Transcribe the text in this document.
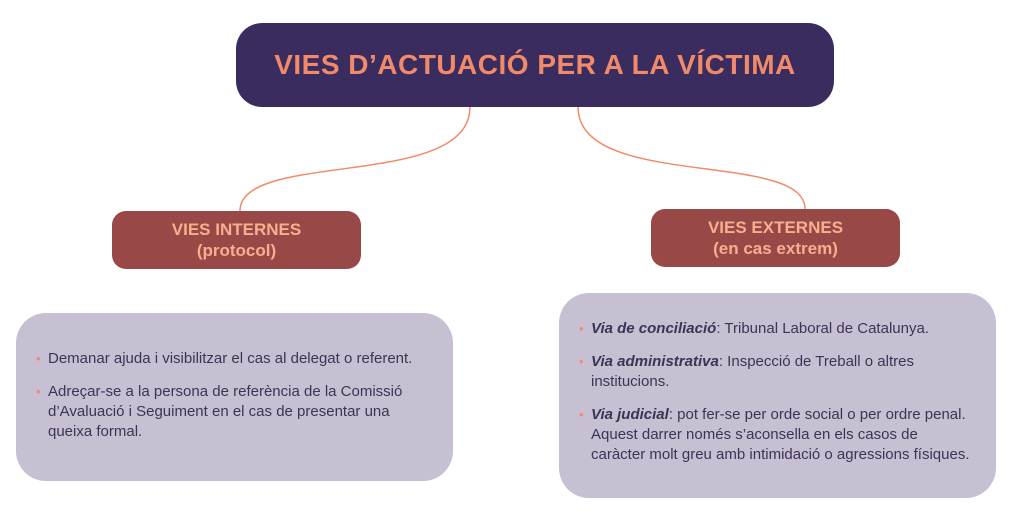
VIES D’ACTUACIÓ PER A LA VÍCTIMA
VIES INTERNES
(protocol)
VIES EXTERNES
(en cas extrem)
• Demanar ajuda i visibilitzar el cas al delegat o referent.
• Adreçar-se a la persona de referència de la Comissió d’Avaluació i Seguiment en el cas de presentar una queixa formal.
• Via de conciliació: Tribunal Laboral de Catalunya.
• Via administrativa: Inspecció de Treball o altres institucions.
• Via judicial: pot fer-se per orde social o per ordre penal. Aquest darrer només s’aconsella en els casos de caràcter molt greu amb intimidació o agressions físiques.
